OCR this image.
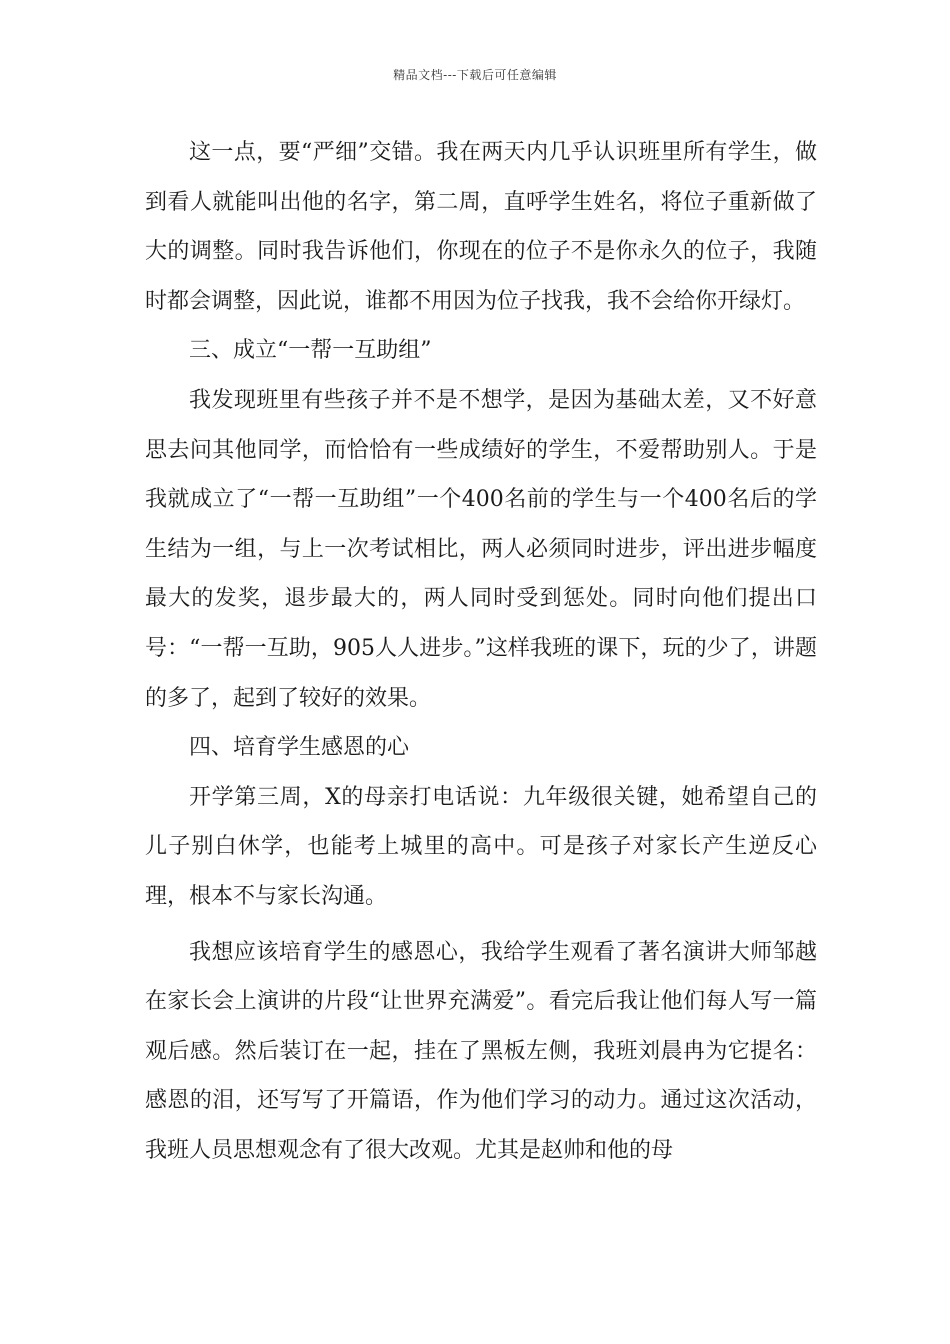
精品文档---下载后可任意编辑

这一点，要“严细”交错。我在两天内几乎认识班里所有学生，做到看人就能叫出他的名字，第二周，直呼学生姓名，将位子重新做了大的调整。同时我告诉他们，你现在的位子不是你永久的位子，我随时都会调整，因此说，谁都不用因为位子找我，我不会给你开绿灯。

三、成立“一帮一互助组”

我发现班里有些孩子并不是不想学，是因为基础太差，又不好意思去问其他同学，而恰恰有一些成绩好的学生，不爱帮助别人。于是我就成立了“一帮一互助组”一个400名前的学生与一个400名后的学生结为一组，与上一次考试相比，两人必须同时进步，评出进步幅度最大的发奖，退步最大的，两人同时受到惩处。同时向他们提出口号：“一帮一互助，905人人进步。”这样我班的课下，玩的少了，讲题的多了，起到了较好的效果。

四、培育学生感恩的心

开学第三周，X的母亲打电话说：九年级很关键，她希望自己的儿子别白休学，也能考上城里的高中。可是孩子对家长产生逆反心理，根本不与家长沟通。

我想应该培育学生的感恩心，我给学生观看了著名演讲大师邹越在家长会上演讲的片段“让世界充满爱”。看完后我让他们每人写一篇观后感。然后装订在一起，挂在了黑板左侧，我班刘晨冉为它提名：感恩的泪，还写写了开篇语，作为他们学习的动力。通过这次活动，我班人员思想观念有了很大改观。尤其是赵帅和他的母
